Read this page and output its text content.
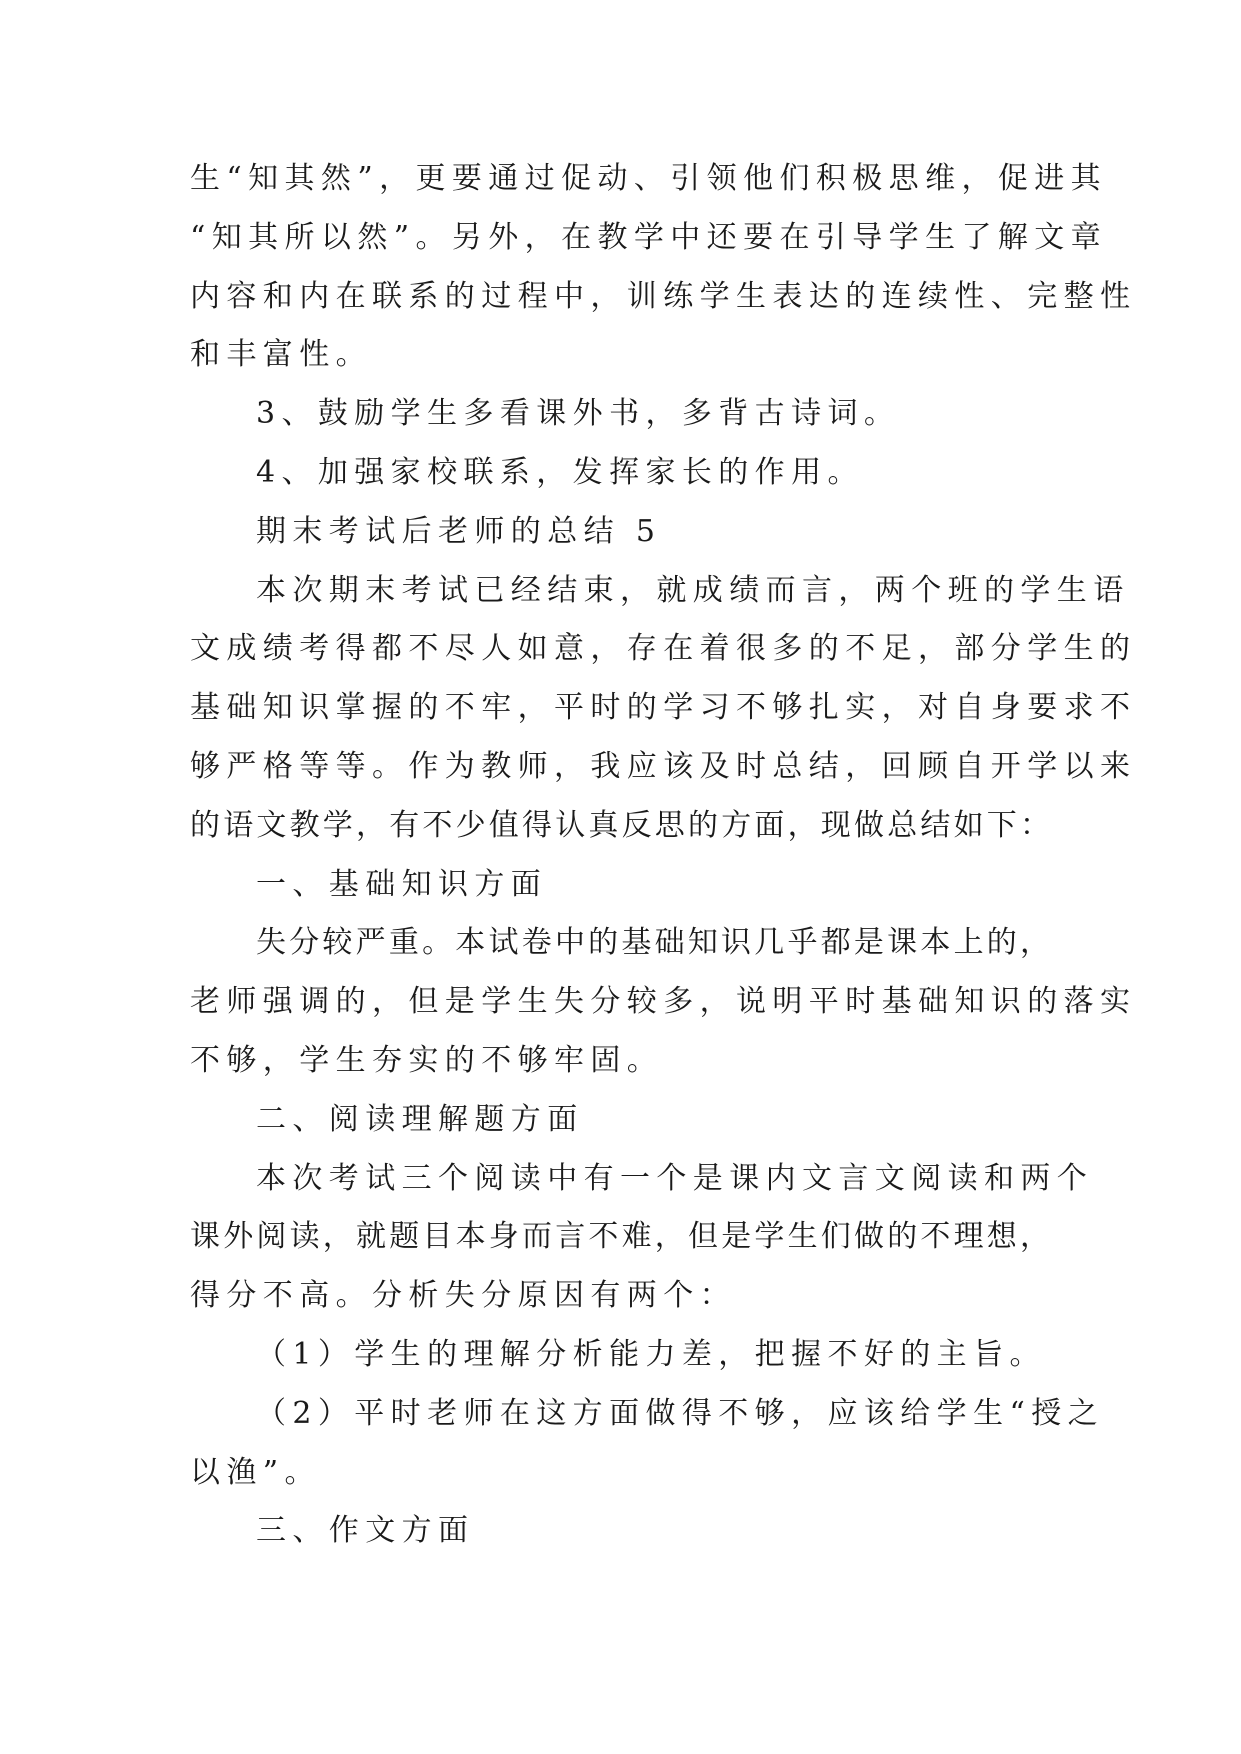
生“知其然”，更要通过促动、引领他们积极思维，促进其
“知其所以然”。另外，在教学中还要在引导学生了解文章
内容和内在联系的过程中，训练学生表达的连续性、完整性
和丰富性。
3、鼓励学生多看课外书，多背古诗词。
4、加强家校联系，发挥家长的作用。
期末考试后老师的总结 5
本次期末考试已经结束，就成绩而言，两个班的学生语
文成绩考得都不尽人如意，存在着很多的不足，部分学生的
基础知识掌握的不牢，平时的学习不够扎实，对自身要求不
够严格等等。作为教师，我应该及时总结，回顾自开学以来
的语文教学，有不少值得认真反思的方面，现做总结如下：
一、基础知识方面
失分较严重。本试卷中的基础知识几乎都是课本上的，
老师强调的，但是学生失分较多，说明平时基础知识的落实
不够，学生夯实的不够牢固。
二、阅读理解题方面
本次考试三个阅读中有一个是课内文言文阅读和两个
课外阅读，就题目本身而言不难，但是学生们做的不理想，
得分不高。分析失分原因有两个：
（1）学生的理解分析能力差，把握不好的主旨。
（2）平时老师在这方面做得不够，应该给学生“授之
以渔”。
三、作文方面
